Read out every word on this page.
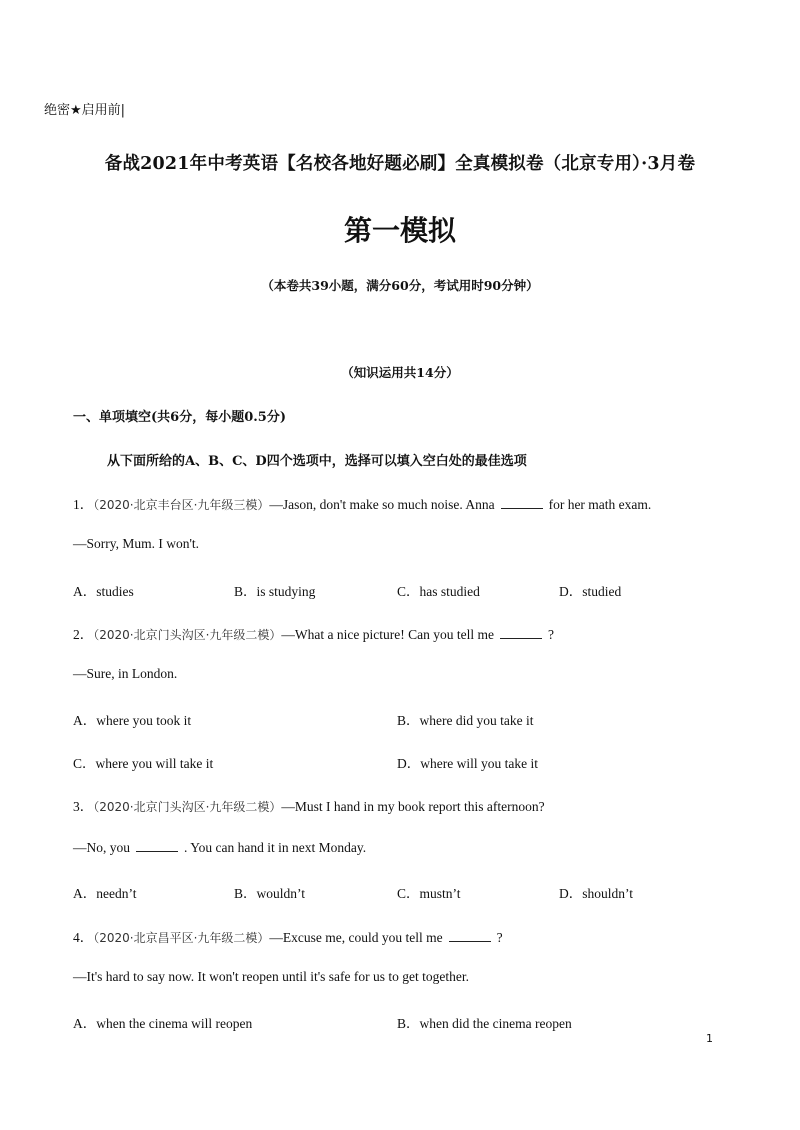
绝密★启用前|
备战2021年中考英语【名校各地好题必刷】全真模拟卷（北京专用）·3月卷
第一模拟
（本卷共39小题，满分60分，考试用时90分钟）
（知识运用共14分）
一、单项填空(共6分，每小题0.5分)
从下面所给的A、B、C、D四个选项中，选择可以填入空白处的最佳选项
1．（2020·北京丰台区·九年级三模）—Jason, don't make so much noise. Anna	for her math exam.
—Sorry, Mum. I won't.
A．studies	B．is studying	C．has studied	D．studied
2．（2020·北京门头沟区·九年级二模）—What a nice picture! Can you tell me	?
—Sure, in London.
A．where you took it	B．where did you take it
C．where you will take it	D．where will you take it
3．（2020·北京门头沟区·九年级二模）—Must I hand in my book report this afternoon?
—No, you	. You can hand it in next Monday.
A．needn’t	B．wouldn’t	C．mustn’t	D．shouldn’t
4．（2020·北京昌平区·九年级二模）—Excuse me, could you tell me	?
—It's hard to say now. It won't reopen until it's safe for us to get together.
A．when the cinema will reopen	B．when did the cinema reopen
1
